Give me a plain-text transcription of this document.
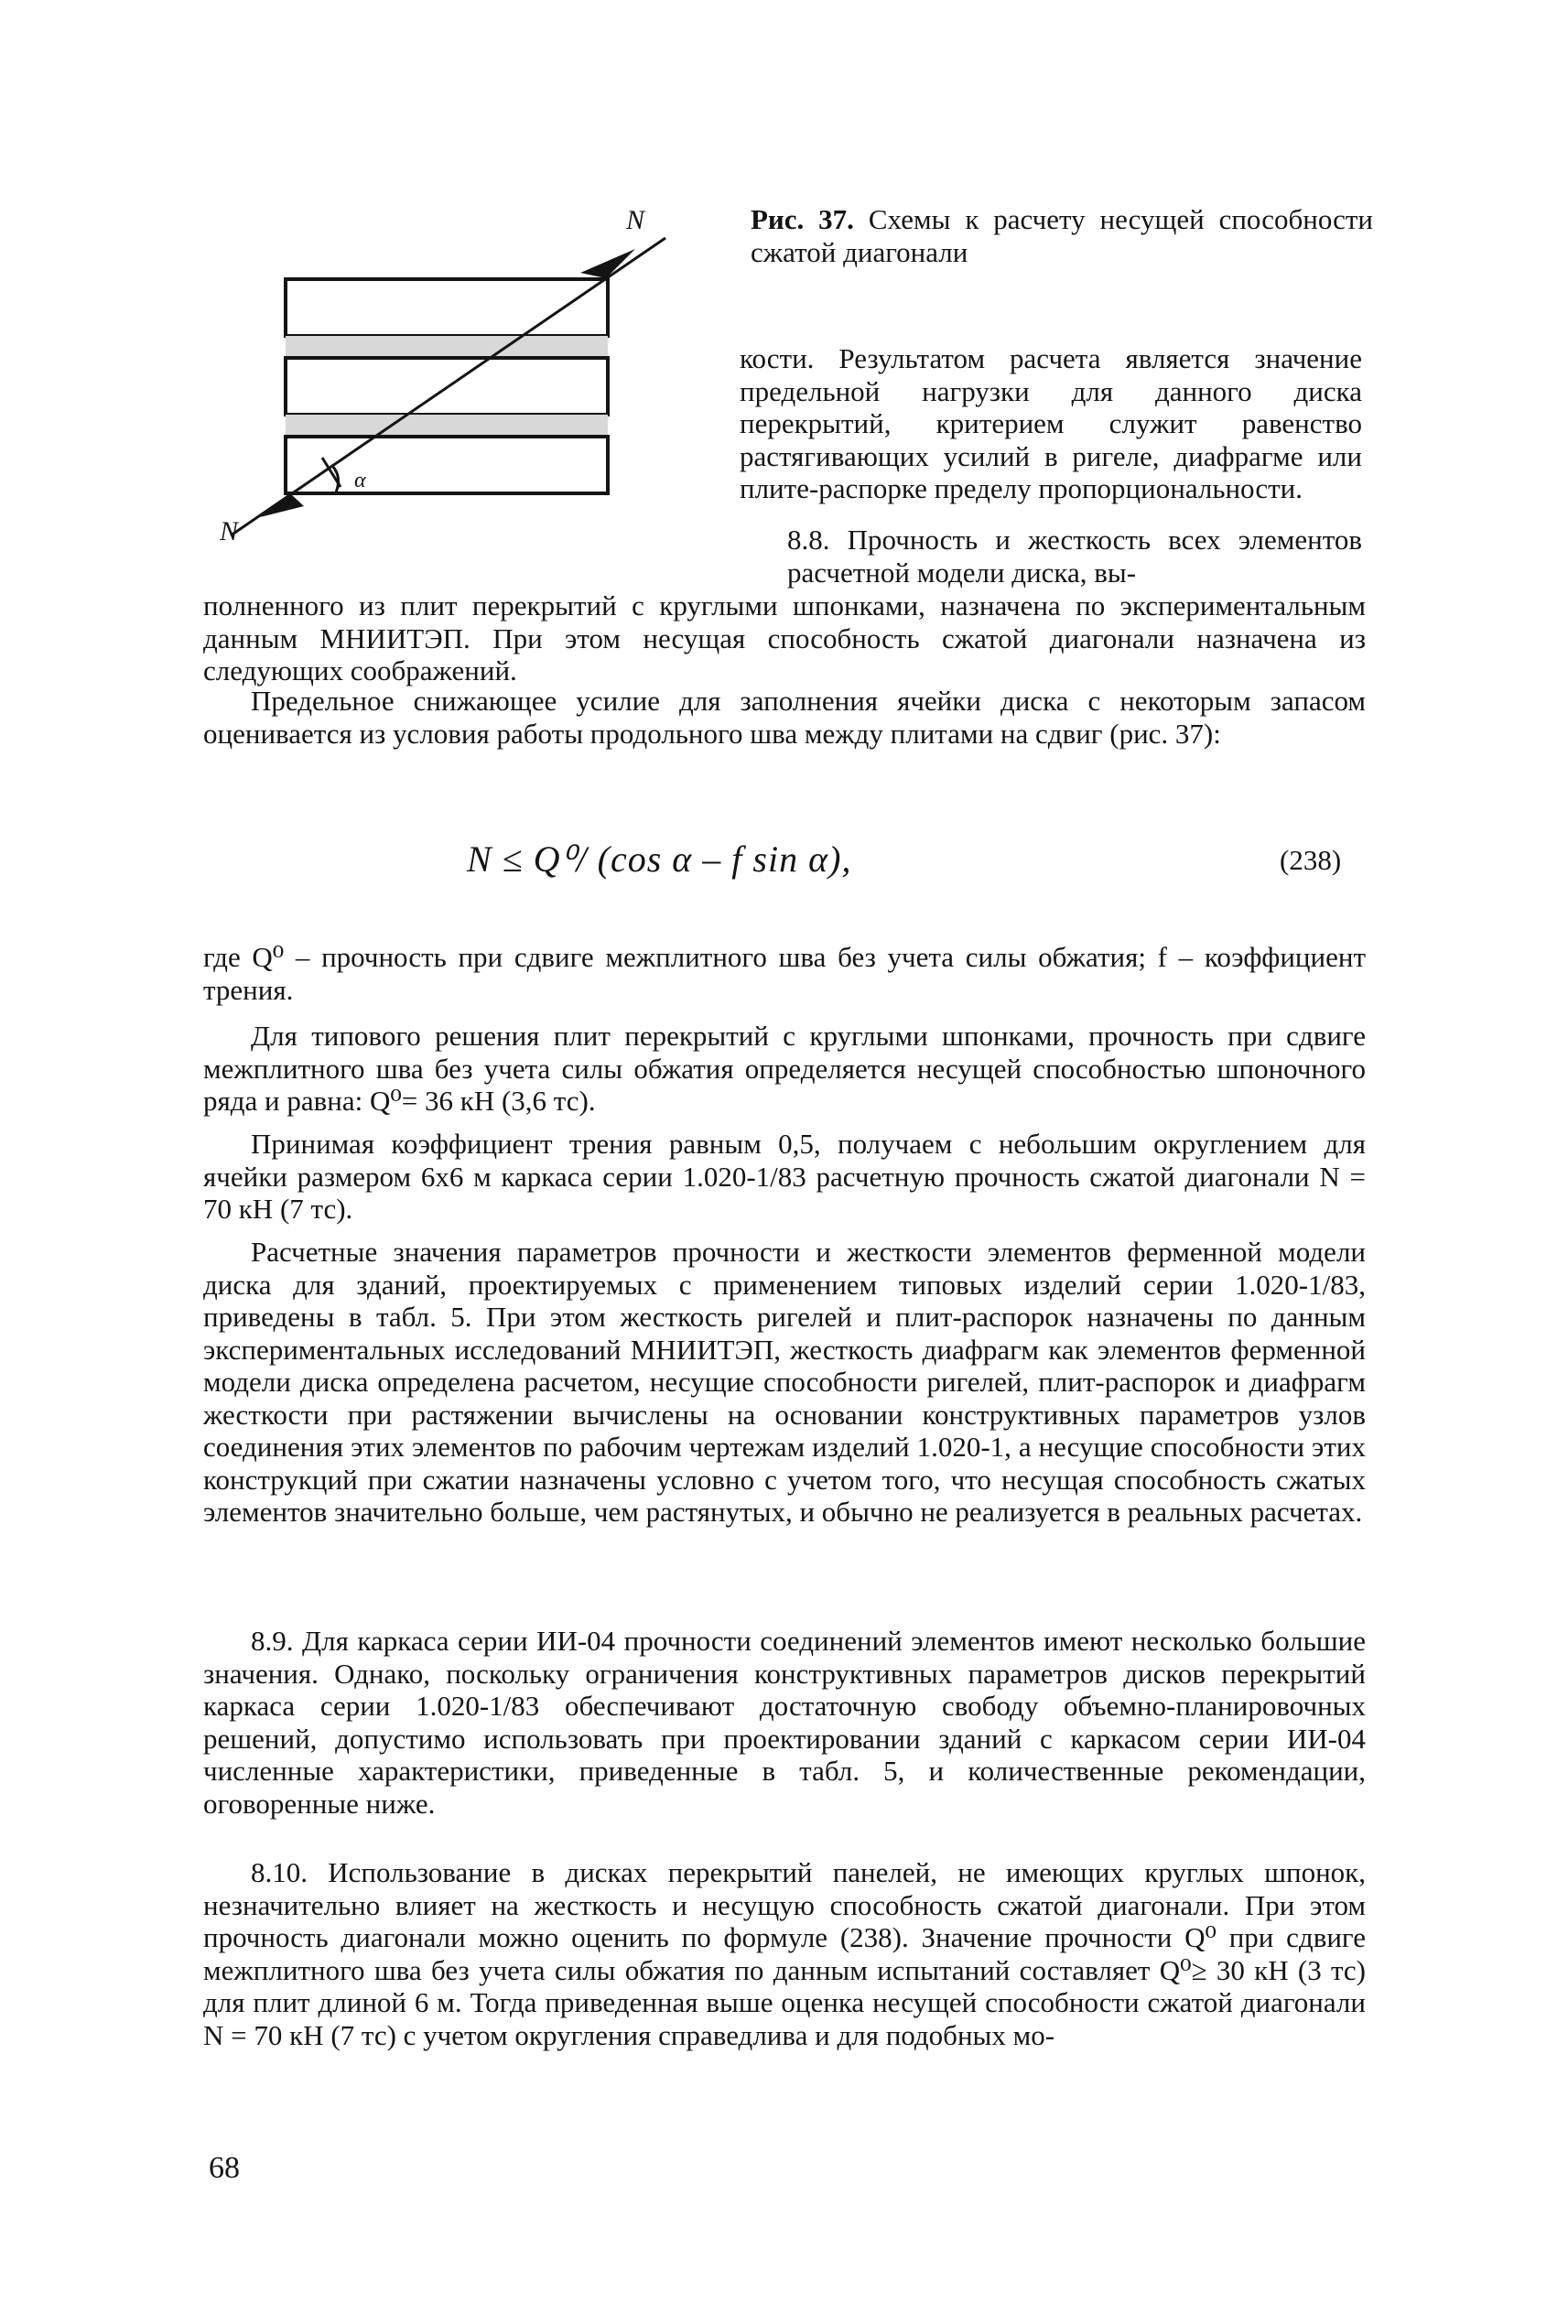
N
N
α
Рис. 37. Схемы к расчету несущей способности сжатой диагонали
кости. Результатом расчета является значение предельной нагрузки для данного диска перекрытий, критерием служит равенство растягивающих усилий в ригеле, диафрагме или плите-распорке пределу пропорциональности.
8.8. Прочность и жесткость всех элементов расчетной модели диска, вы-
полненного из плит перекрытий с круглыми шпонками, назначена по экспериментальным данным МНИИТЭП. При этом несущая способность сжатой диагонали назначена из следующих соображений.
Предельное снижающее усилие для заполнения ячейки диска с некоторым запасом оценивается из условия работы продольного шва между плитами на сдвиг (рис. 37):
N ≤ Q⁰/ (cos α – f sin α),	(238)
где Q⁰ – прочность при сдвиге межплитного шва без учета силы обжатия; f – коэффициент трения.
Для типового решения плит перекрытий с круглыми шпонками, прочность при сдвиге межплитного шва без учета силы обжатия определяется несущей способностью шпоночного ряда и равна: Q⁰= 36 кН (3,6 тс).
Принимая коэффициент трения равным 0,5, получаем с небольшим округлением для ячейки размером 6х6 м каркаса серии 1.020-1/83 расчетную прочность сжатой диагонали N = 70 кН (7 тс).
Расчетные значения параметров прочности и жесткости элементов ферменной модели диска для зданий, проектируемых с применением типовых изделий серии 1.020-1/83, приведены в табл. 5. При этом жесткость ригелей и плит-распорок назначены по данным экспериментальных исследований МНИИТЭП, жесткость диафрагм как элементов ферменной модели диска определена расчетом, несущие способности ригелей, плит-распорок и диафрагм жесткости при растяжении вычислены на основании конструктивных параметров узлов соединения этих элементов по рабочим чертежам изделий 1.020-1, а несущие способности этих конструкций при сжатии назначены условно с учетом того, что несущая способность сжатых элементов значительно больше, чем растянутых, и обычно не реализуется в реальных расчетах.
8.9. Для каркаса серии ИИ-04 прочности соединений элементов имеют несколько большие значения. Однако, поскольку ограничения конструктивных параметров дисков перекрытий каркаса серии 1.020-1/83 обеспечивают достаточную свободу объемно-планировочных решений, допустимо использовать при проектировании зданий с каркасом серии ИИ-04 численные характеристики, приведенные в табл. 5, и количественные рекомендации, оговоренные ниже.
8.10. Использование в дисках перекрытий панелей, не имеющих круглых шпонок, незначительно влияет на жесткость и несущую способность сжатой диагонали. При этом прочность диагонали можно оценить по формуле (238). Значение прочности Q⁰ при сдвиге межплитного шва без учета силы обжатия по данным испытаний составляет Q⁰≥ 30 кН (3 тс) для плит длиной 6 м. Тогда приведенная выше оценка несущей способности сжатой диагонали N = 70 кН (7 тс) с учетом округления справедлива и для подобных мо-
68
